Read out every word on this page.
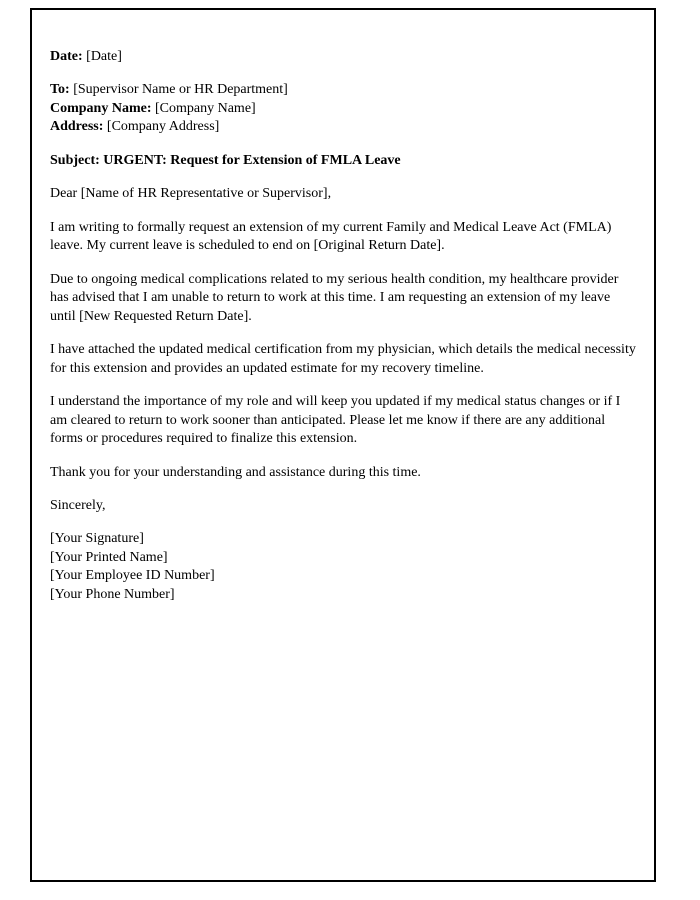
Date: [Date]
To: [Supervisor Name or HR Department]
Company Name: [Company Name]
Address: [Company Address]
Subject: URGENT: Request for Extension of FMLA Leave

Dear [Name of HR Representative or Supervisor],

I am writing to formally request an extension of my current Family and Medical Leave Act (FMLA) leave. My current leave is scheduled to end on [Original Return Date].

Due to ongoing medical complications related to my serious health condition, my healthcare provider has advised that I am unable to return to work at this time. I am requesting an extension of my leave until [New Requested Return Date].

I have attached the updated medical certification from my physician, which details the medical necessity for this extension and provides an updated estimate for my recovery timeline.

I understand the importance of my role and will keep you updated if my medical status changes or if I am cleared to return to work sooner than anticipated. Please let me know if there are any additional forms or procedures required to finalize this extension.

Thank you for your understanding and assistance during this time.

Sincerely,

[Your Signature]
[Your Printed Name]
[Your Employee ID Number]
[Your Phone Number]
